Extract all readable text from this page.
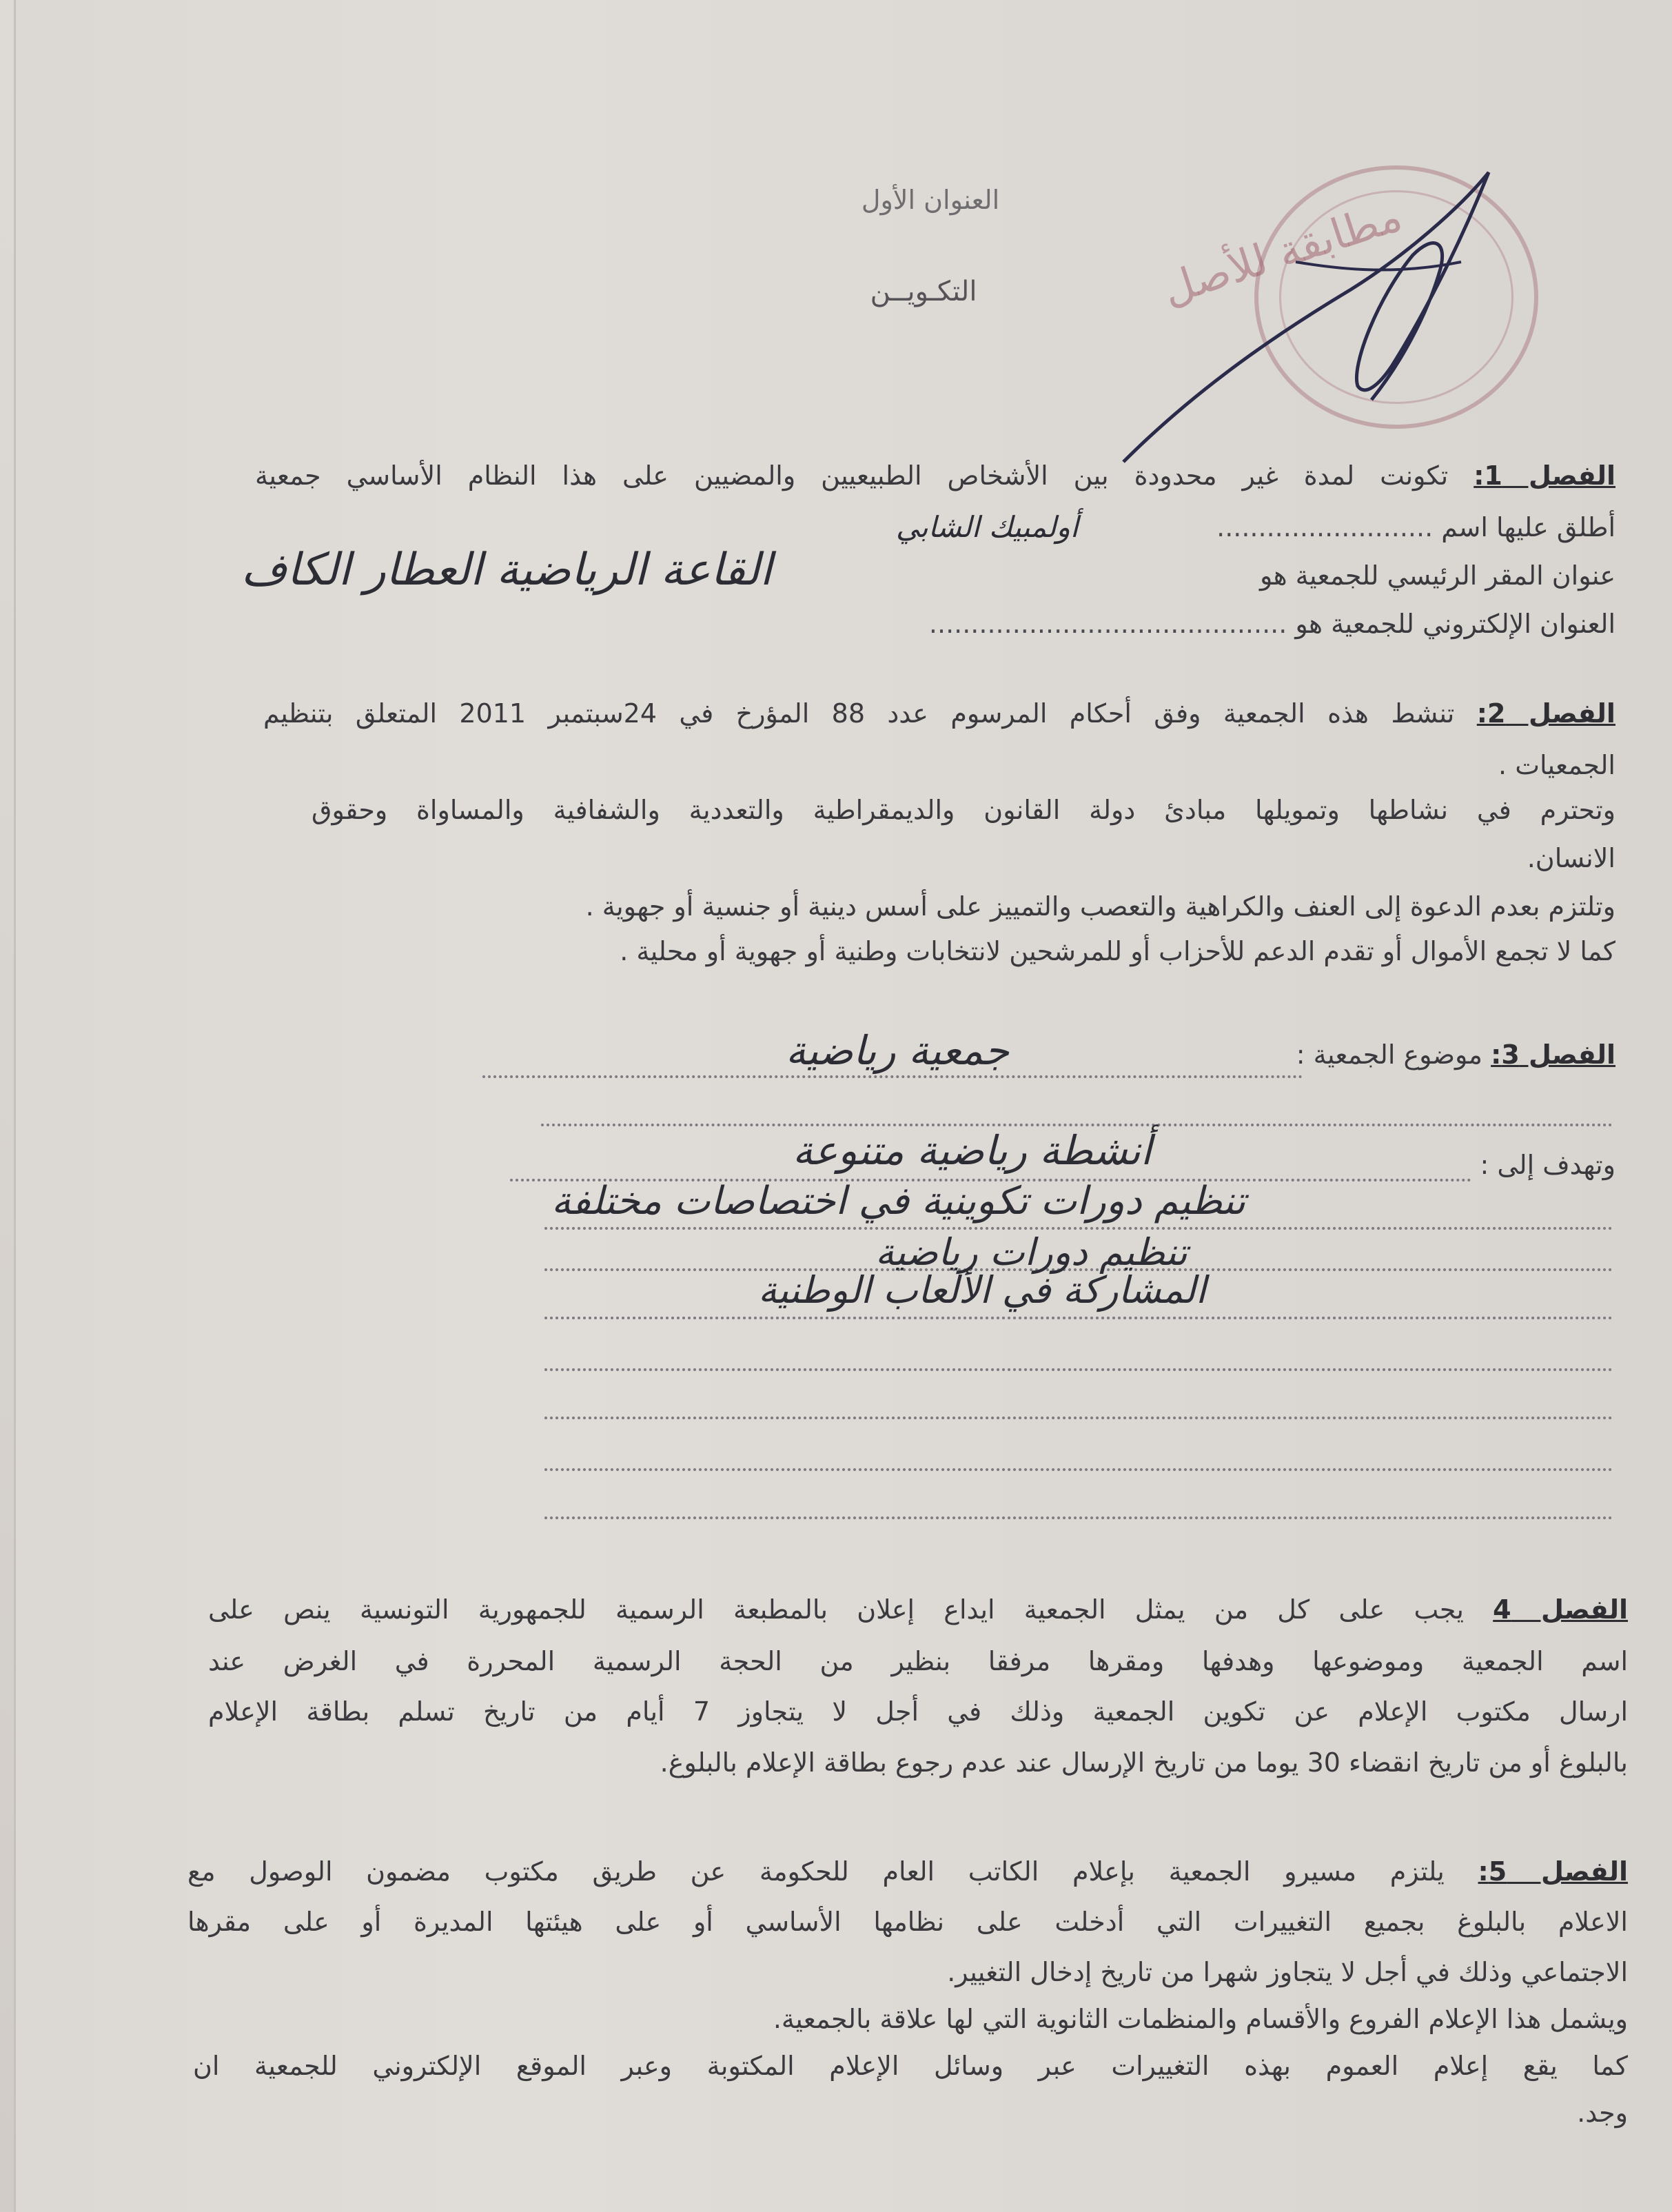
العنوان الأول
التكـويــن	مطابقة للأصل
الفصل 1: تكونت لمدة غير محدودة بين الأشخاص الطبيعيين والمضيين على هذا النظام الأساسي جمعية
أطلق عليها اسم ..........................
أولمبيك الشابي
عنوان المقر الرئيسي للجمعية هو
القاعة الرياضية العطار الكاف
العنوان الإلكتروني للجمعية هو ...........................................
الفصل 2: تنشط هذه الجمعية وفق أحكام المرسوم عدد 88 المؤرخ في 24سبتمبر 2011 المتعلق بتنظيم
الجمعيات .
وتحترم في نشاطها وتمويلها مبادئ دولة القانون والديمقراطية والتعددية والشفافية والمساواة وحقوق
الانسان.
وتلتزم بعدم الدعوة إلى العنف والكراهية والتعصب والتمييز على أسس دينية أو جنسية أو جهوية .
كما لا تجمع الأموال أو تقدم الدعم للأحزاب أو للمرشحين لانتخابات وطنية أو جهوية أو محلية .
الفصل 3: موضوع الجمعية :
جمعية رياضية
وتهدف إلى :
أنشطة رياضية متنوعة
تنظيم دورات تكوينية في اختصاصات مختلفة
تنظيم دورات رياضية
المشاركة في الألعاب الوطنية
الفصل 4 يجب على كل من يمثل الجمعية ايداع إعلان بالمطبعة الرسمية للجمهورية التونسية ينص على
اسم الجمعية وموضوعها وهدفها ومقرها مرفقا بنظير من الحجة الرسمية المحررة في الغرض عند
ارسال مكتوب الإعلام عن تكوين الجمعية وذلك في أجل لا يتجاوز 7 أيام من تاريخ تسلم بطاقة الإعلام
بالبلوغ أو من تاريخ انقضاء 30 يوما من تاريخ الإرسال عند عدم رجوع بطاقة الإعلام بالبلوغ.
الفصل 5: يلتزم مسيرو الجمعية بإعلام الكاتب العام للحكومة عن طريق مكتوب مضمون الوصول مع
الاعلام بالبلوغ بجميع التغييرات التي أدخلت على نظامها الأساسي أو على هيئتها المديرة أو على مقرها
الاجتماعي وذلك في أجل لا يتجاوز شهرا من تاريخ إدخال التغيير.
ويشمل هذا الإعلام الفروع والأقسام والمنظمات الثانوية التي لها علاقة بالجمعية.
كما يقع إعلام العموم بهذه التغييرات عبر وسائل الإعلام المكتوبة وعبر الموقع الإلكتروني للجمعية ان
وجد.
